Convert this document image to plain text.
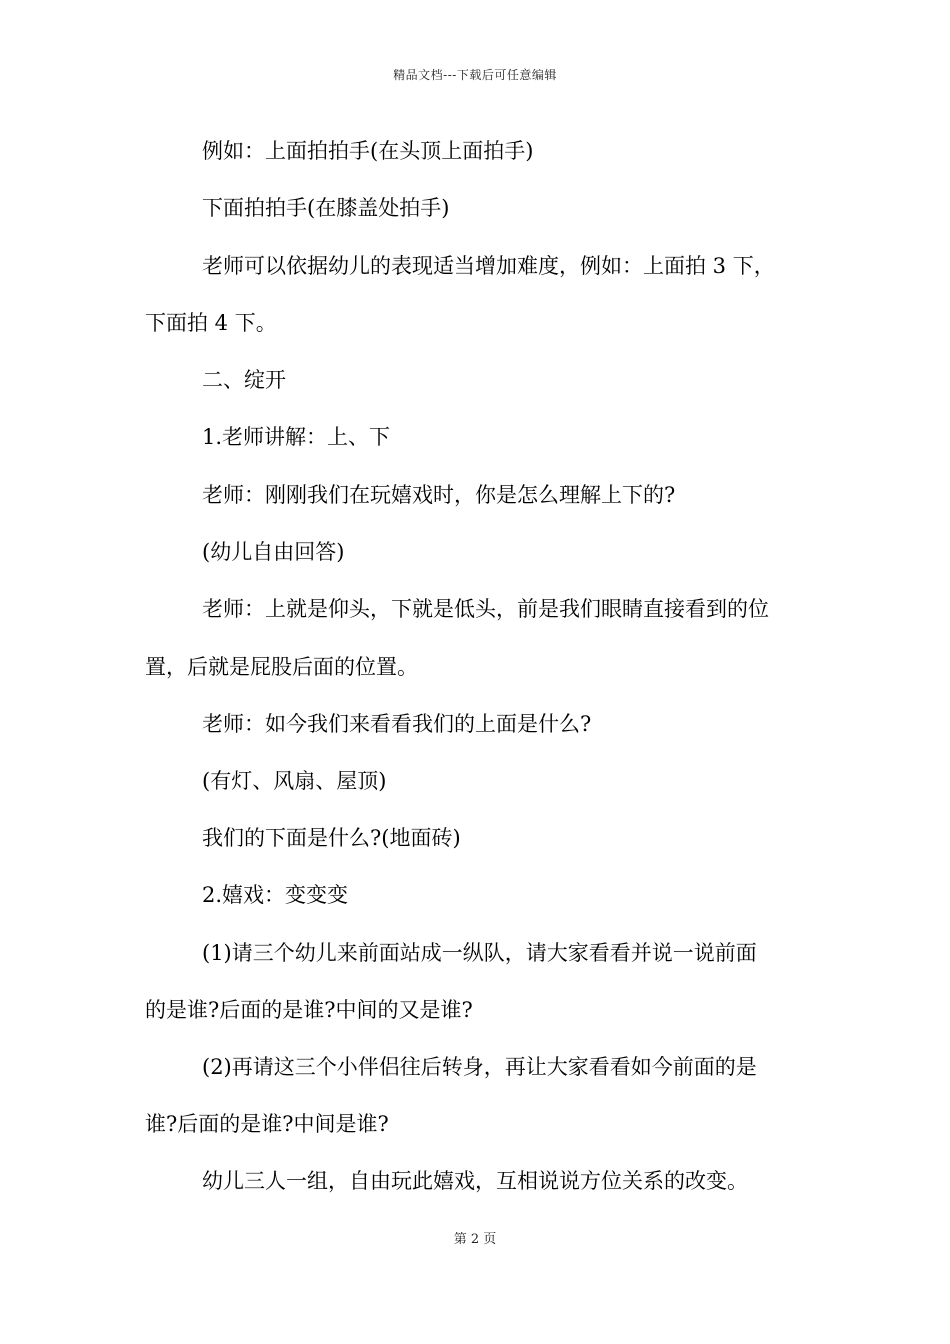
精品文档---下载后可任意编辑
例如：上面拍拍手(在头顶上面拍手)
下面拍拍手(在膝盖处拍手)
老师可以依据幼儿的表现适当增加难度，例如：上面拍 3 下，
下面拍 4 下。
二、绽开
1.老师讲解：上、下
老师：刚刚我们在玩嬉戏时，你是怎么理解上下的?
(幼儿自由回答)
老师：上就是仰头，下就是低头，前是我们眼睛直接看到的位
置，后就是屁股后面的位置。
老师：如今我们来看看我们的上面是什么?
(有灯、风扇、屋顶)
我们的下面是什么?(地面砖)
2.嬉戏：变变变
(1)请三个幼儿来前面站成一纵队，请大家看看并说一说前面
的是谁?后面的是谁?中间的又是谁?
(2)再请这三个小伴侣往后转身，再让大家看看如今前面的是
谁?后面的是谁?中间是谁?
幼儿三人一组，自由玩此嬉戏，互相说说方位关系的改变。
第 2 页
